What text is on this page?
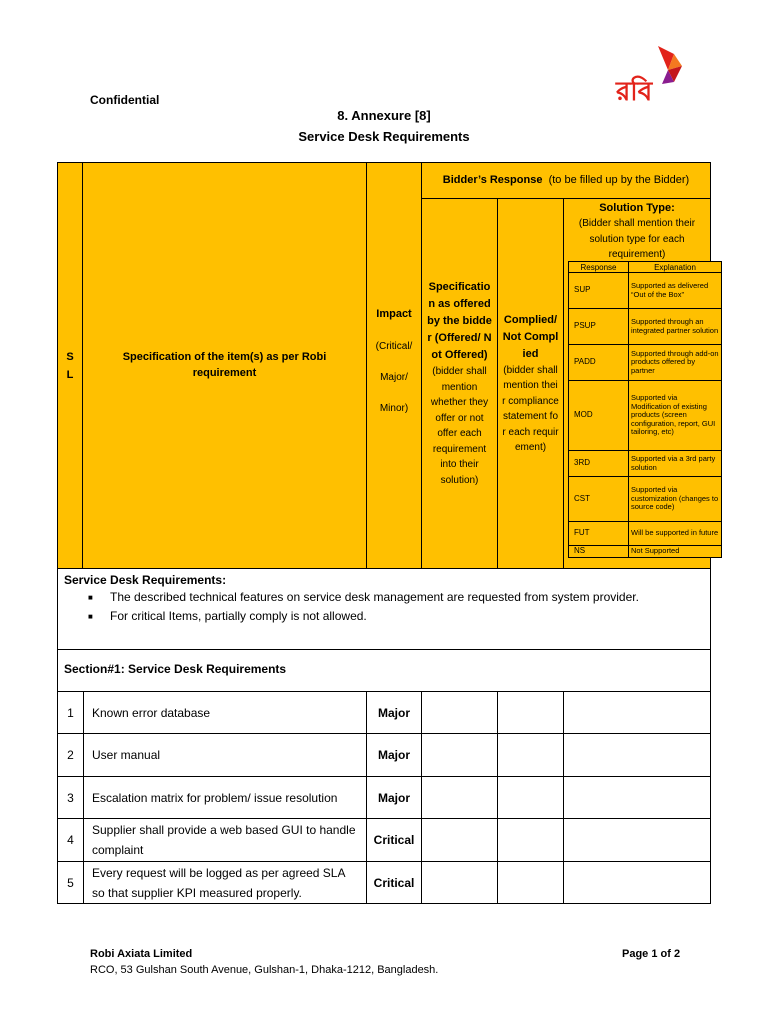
Confidential
8. Annexure [8]
Service Desk Requirements
রবি
S L
Specification of the item(s) as per Robi requirement
Impact
(Critical/
Major/
Minor)
Bidder’s Response (to be filled up by the Bidder)
Specification as offered by the bidder (Offered/ Not Offered)
(bidder shall mention whether they offer or not offer each requirement into their solution)
Complied/ Not Complied
(bidder shall mention their compliance statement for each requirement)
Solution Type:
(Bidder shall mention their solution type for each requirement)
Response	Explanation
SUP	Supported as delivered “Out of the Box”
PSUP	Supported through an integrated partner solution
PADD	Supported through add-on products offered by partner
MOD	Supported via Modification of existing products (screen configuration, report, GUI tailoring, etc)
3RD	Supported via a 3rd party solution
CST	Supported via customization (changes to source code)
FUT	Will be supported in future
NS	Not Supported
Service Desk Requirements:
■ The described technical features on service desk management are requested from system provider.
■ For critical Items, partially comply is not allowed.
Section#1: Service Desk Requirements
1	Known error database	Major
2	User manual	Major
3	Escalation matrix for problem/ issue resolution	Major
4
Supplier shall provide a web based GUI to handle complaint
Critical
5
Every request will be logged as per agreed SLA so that supplier KPI measured properly.
Critical
Robi Axiata Limited
RCO, 53 Gulshan South Avenue, Gulshan-1, Dhaka-1212, Bangladesh.
Page 1 of 2
